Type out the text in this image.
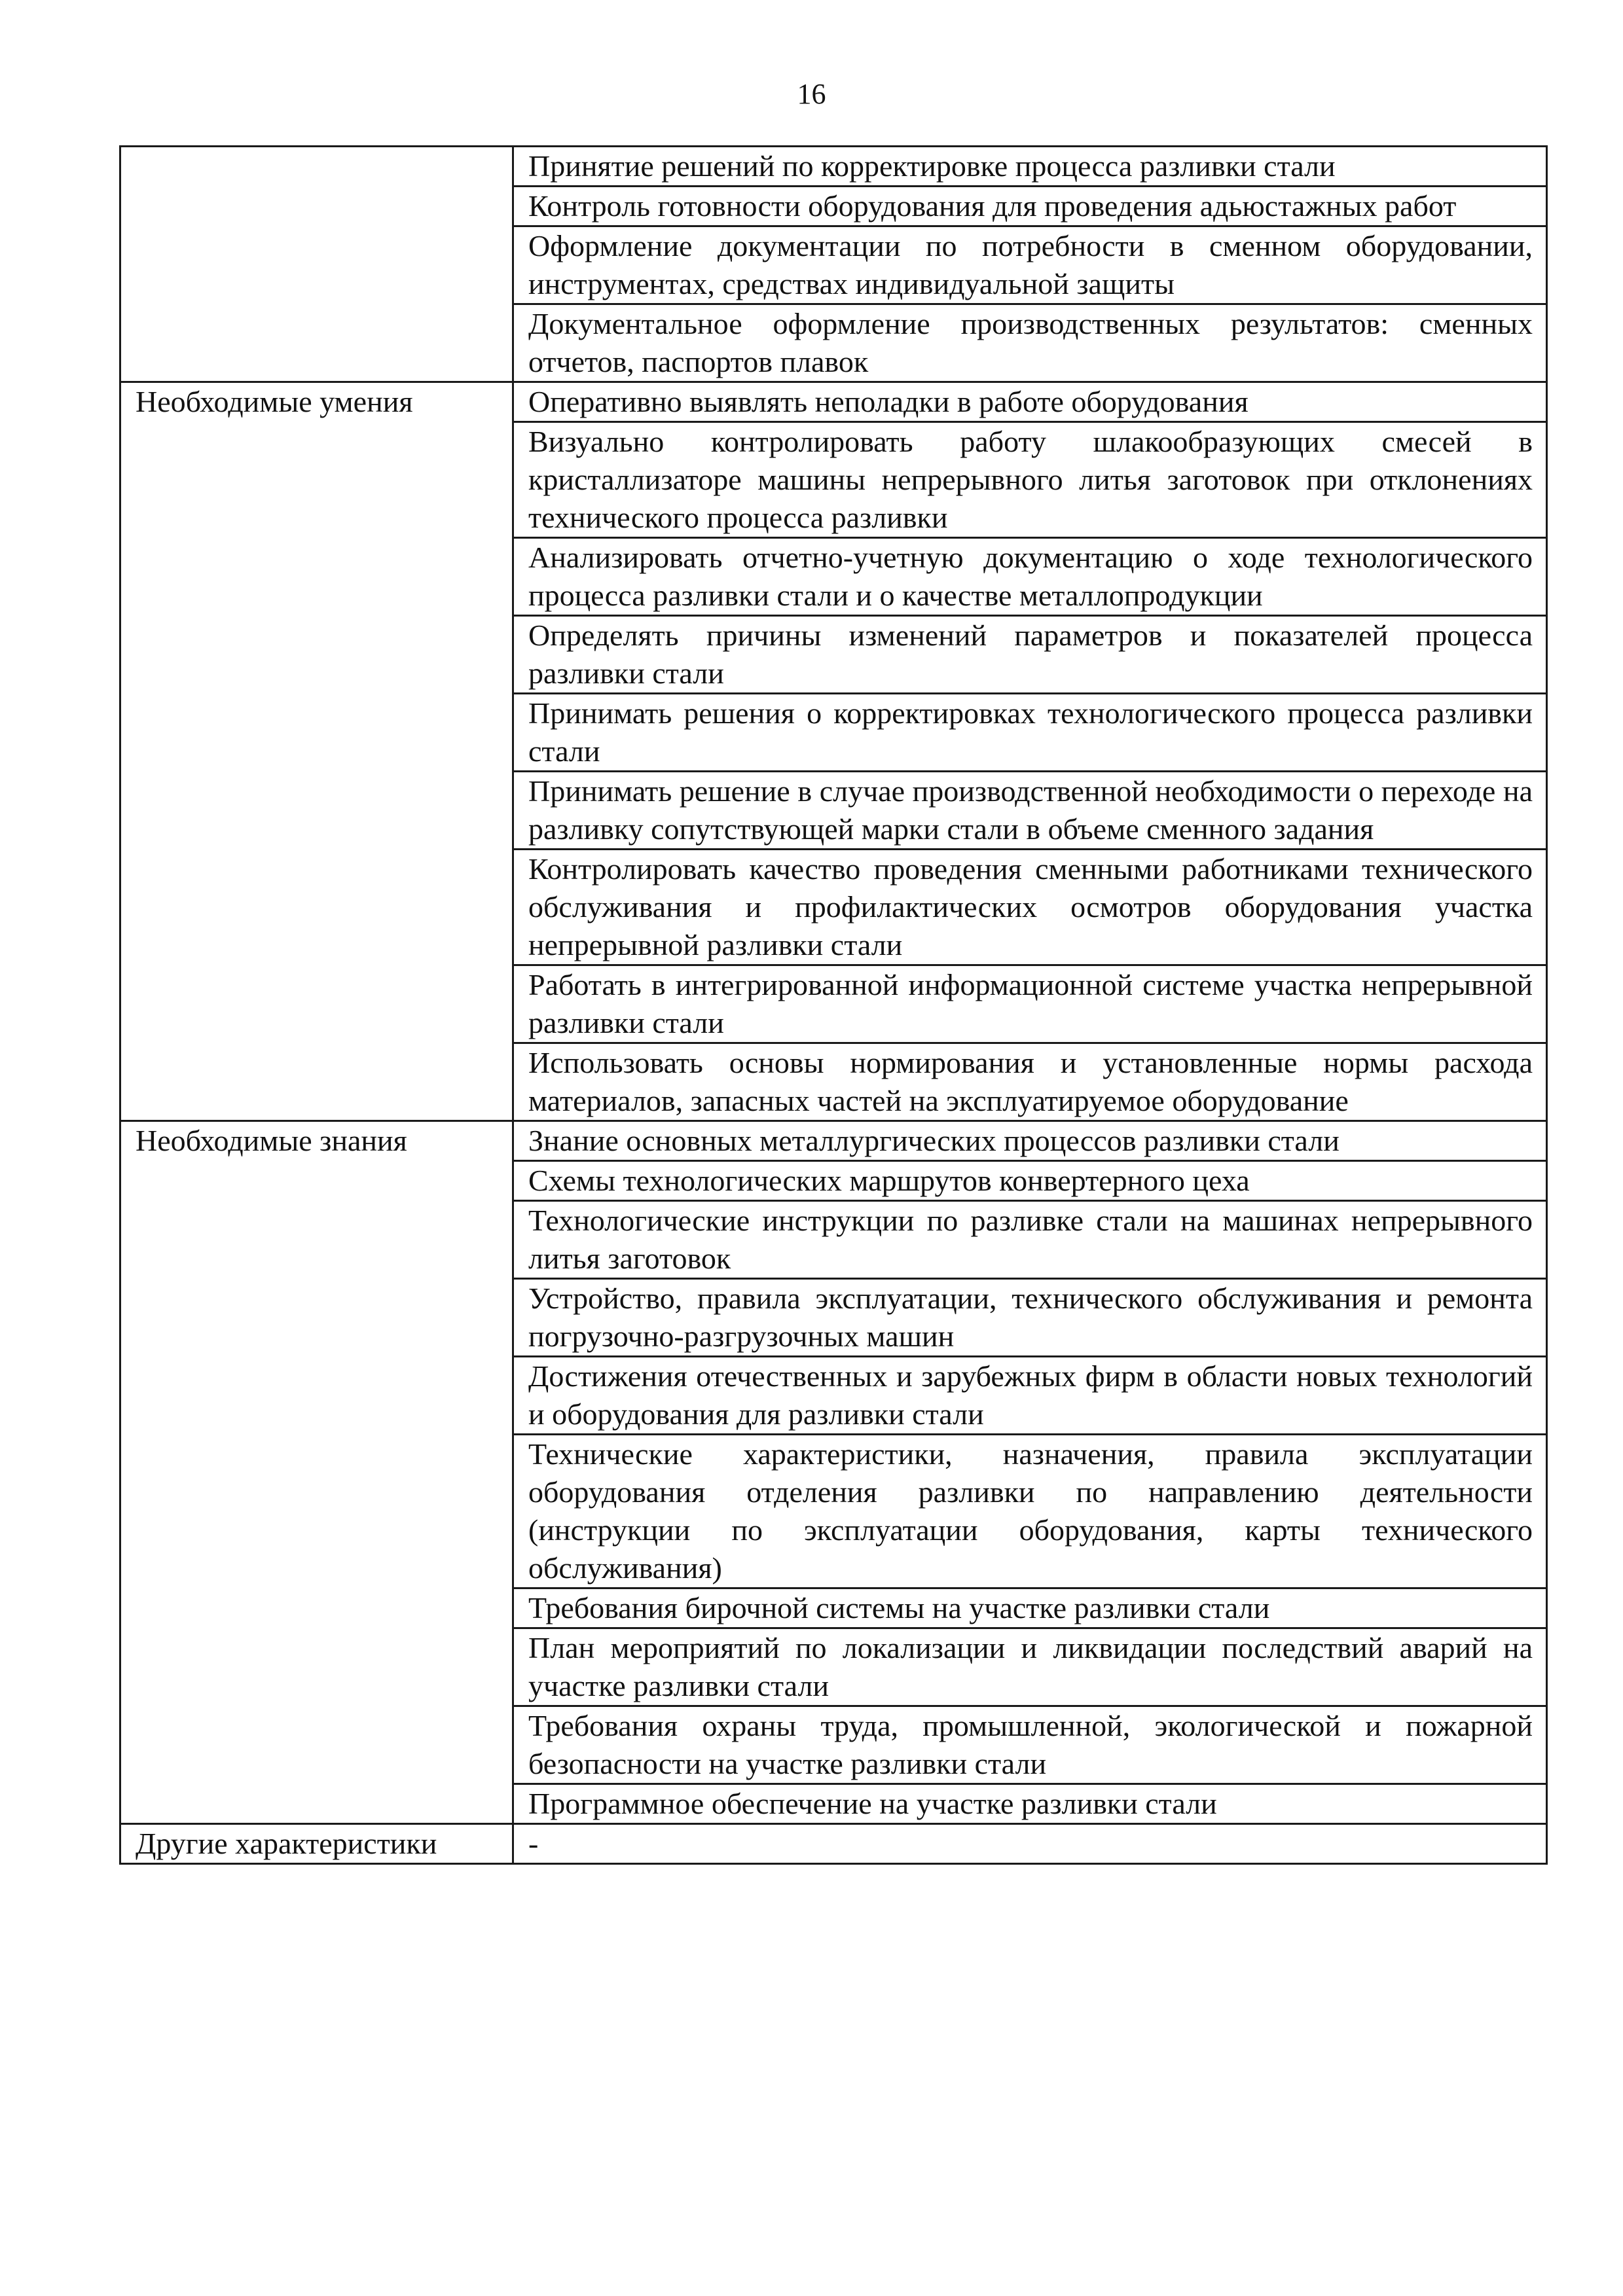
16

	Принятие решений по корректировке процесса разливки стали

	Контроль готовности оборудования для проведения адьюстажных работ

	Оформление документации по потребности в сменном оборудовании, инструментах, средствах индивидуальной защиты

	Документальное оформление производственных результатов: сменных отчетов, паспортов плавок

Необходимые умения	Оперативно выявлять неполадки в работе оборудования

	Визуально контролировать работу шлакообразующих смесей в кристаллизаторе машины непрерывного литья заготовок при отклонениях технического процесса разливки

	Анализировать отчетно-учетную документацию о ходе технологического процесса разливки стали и о качестве металлопродукции

	Определять причины изменений параметров и показателей процесса разливки стали

	Принимать решения о корректировках технологического процесса разливки стали

	Принимать решение в случае производственной необходимости о переходе на разливку сопутствующей марки стали в объеме сменного задания

	Контролировать качество проведения сменными работниками технического обслуживания и профилактических осмотров оборудования участка непрерывной разливки стали

	Работать в интегрированной информационной системе участка непрерывной разливки стали

	Использовать основы нормирования и установленные нормы расхода материалов, запасных частей на эксплуатируемое оборудование

Необходимые знания	Знание основных металлургических процессов разливки стали

	Схемы технологических маршрутов конвертерного цеха

	Технологические инструкции по разливке стали на машинах непрерывного литья заготовок

	Устройство, правила эксплуатации, технического обслуживания и ремонта погрузочно-разгрузочных машин

	Достижения отечественных и зарубежных фирм в области новых технологий и оборудования для разливки стали

	Технические характеристики, назначения, правила эксплуатации оборудования отделения разливки по направлению деятельности (инструкции по эксплуатации оборудования, карты технического обслуживания)

	Требования бирочной системы на участке разливки стали

	План мероприятий по локализации и ликвидации последствий аварий на участке разливки стали

	Требования охраны труда, промышленной, экологической и пожарной безопасности на участке разливки стали

	Программное обеспечение на участке разливки стали

Другие характеристики	-
